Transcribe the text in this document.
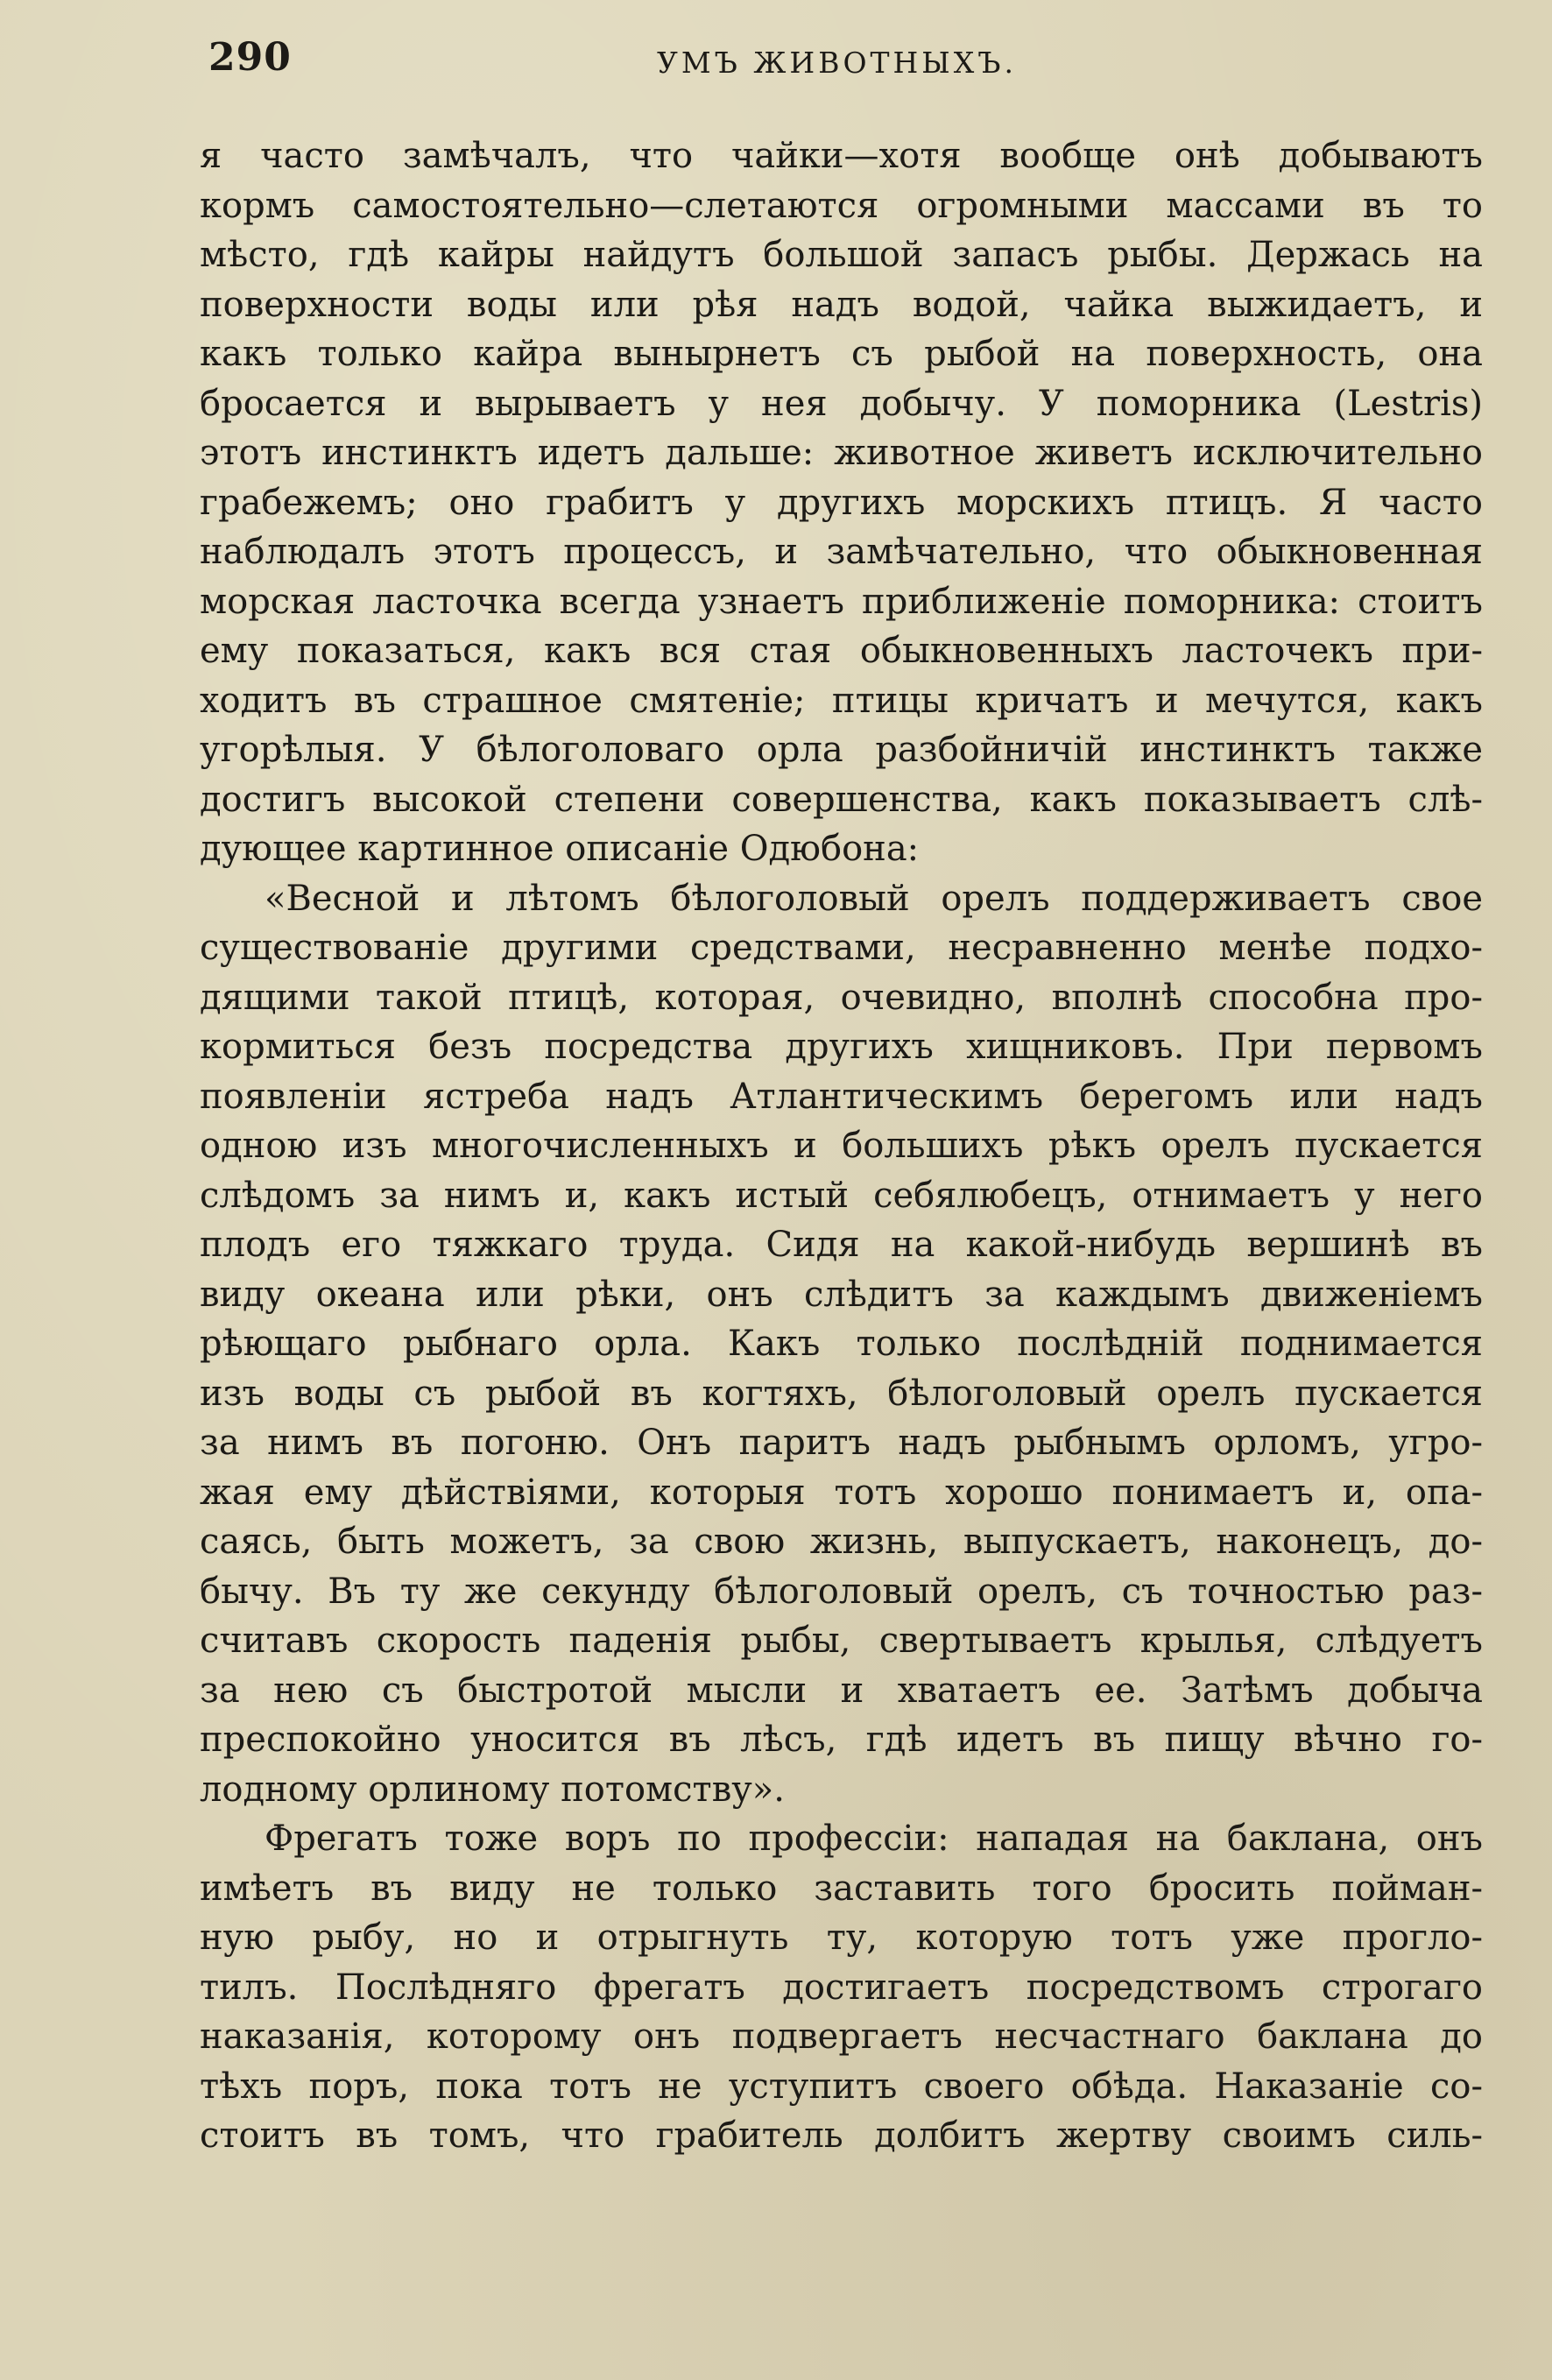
290	УМЪ ЖИВОТНЫХЪ.
я часто замѣчалъ, что чайки—хотя вообще онѣ добываютъ
кормъ самостоятельно—слетаются огромными массами въ то
мѣсто, гдѣ кайры найдутъ большой запасъ рыбы. Держась на
поверхности воды или рѣя надъ водой, чайка выжидаетъ, и
какъ только кайра вынырнетъ съ рыбой на поверхность, она
бросается и вырываетъ у нея добычу. У поморника (Lestris)
этотъ инстинктъ идетъ дальше: животное живетъ исключительно
грабежемъ; оно грабитъ у другихъ морскихъ птицъ. Я часто
наблюдалъ этотъ процессъ, и замѣчательно, что обыкновенная
морская ласточка всегда узнаетъ приближеніе поморника: стоитъ
ему показаться, какъ вся стая обыкновенныхъ ласточекъ при-
ходитъ въ страшное смятеніе; птицы кричатъ и мечутся, какъ
угорѣлыя. У бѣлоголоваго орла разбойничій инстинктъ также
достигъ высокой степени совершенства, какъ показываетъ слѣ-
дующее картинное описаніе Одюбона:
«Весной и лѣтомъ бѣлоголовый орелъ поддерживаетъ свое
существованіе другими средствами, несравненно менѣе подхо-
дящими такой птицѣ, которая, очевидно, вполнѣ способна про-
кормиться безъ посредства другихъ хищниковъ. При первомъ
появленіи ястреба надъ Атлантическимъ берегомъ или надъ
одною изъ многочисленныхъ и большихъ рѣкъ орелъ пускается
слѣдомъ за нимъ и, какъ истый себялюбецъ, отнимаетъ у него
плодъ его тяжкаго труда. Сидя на какой-нибудь вершинѣ въ
виду океана или рѣки, онъ слѣдитъ за каждымъ движеніемъ
рѣющаго рыбнаго орла. Какъ только послѣдній поднимается
изъ воды съ рыбой въ когтяхъ, бѣлоголовый орелъ пускается
за нимъ въ погоню. Онъ паритъ надъ рыбнымъ орломъ, угро-
жая ему дѣйствіями, которыя тотъ хорошо понимаетъ и, опа-
саясь, быть можетъ, за свою жизнь, выпускаетъ, наконецъ, до-
бычу. Въ ту же секунду бѣлоголовый орелъ, съ точностью раз-
считавъ скорость паденія рыбы, свертываетъ крылья, слѣдуетъ
за нею съ быстротой мысли и хватаетъ ее. Затѣмъ добыча
преспокойно уносится въ лѣсъ, гдѣ идетъ въ пищу вѣчно го-
лодному орлиному потомству».
Фрегатъ тоже воръ по профессіи: нападая на баклана, онъ
имѣетъ въ виду не только заставить того бросить пойман-
ную рыбу, но и отрыгнуть ту, которую тотъ уже прогло-
тилъ. Послѣдняго фрегатъ достигаетъ посредствомъ строгаго
наказанія, которому онъ подвергаетъ несчастнаго баклана до
тѣхъ поръ, пока тотъ не уступитъ своего обѣда. Наказаніе со-
стоитъ въ томъ, что грабитель долбитъ жертву своимъ силь-
